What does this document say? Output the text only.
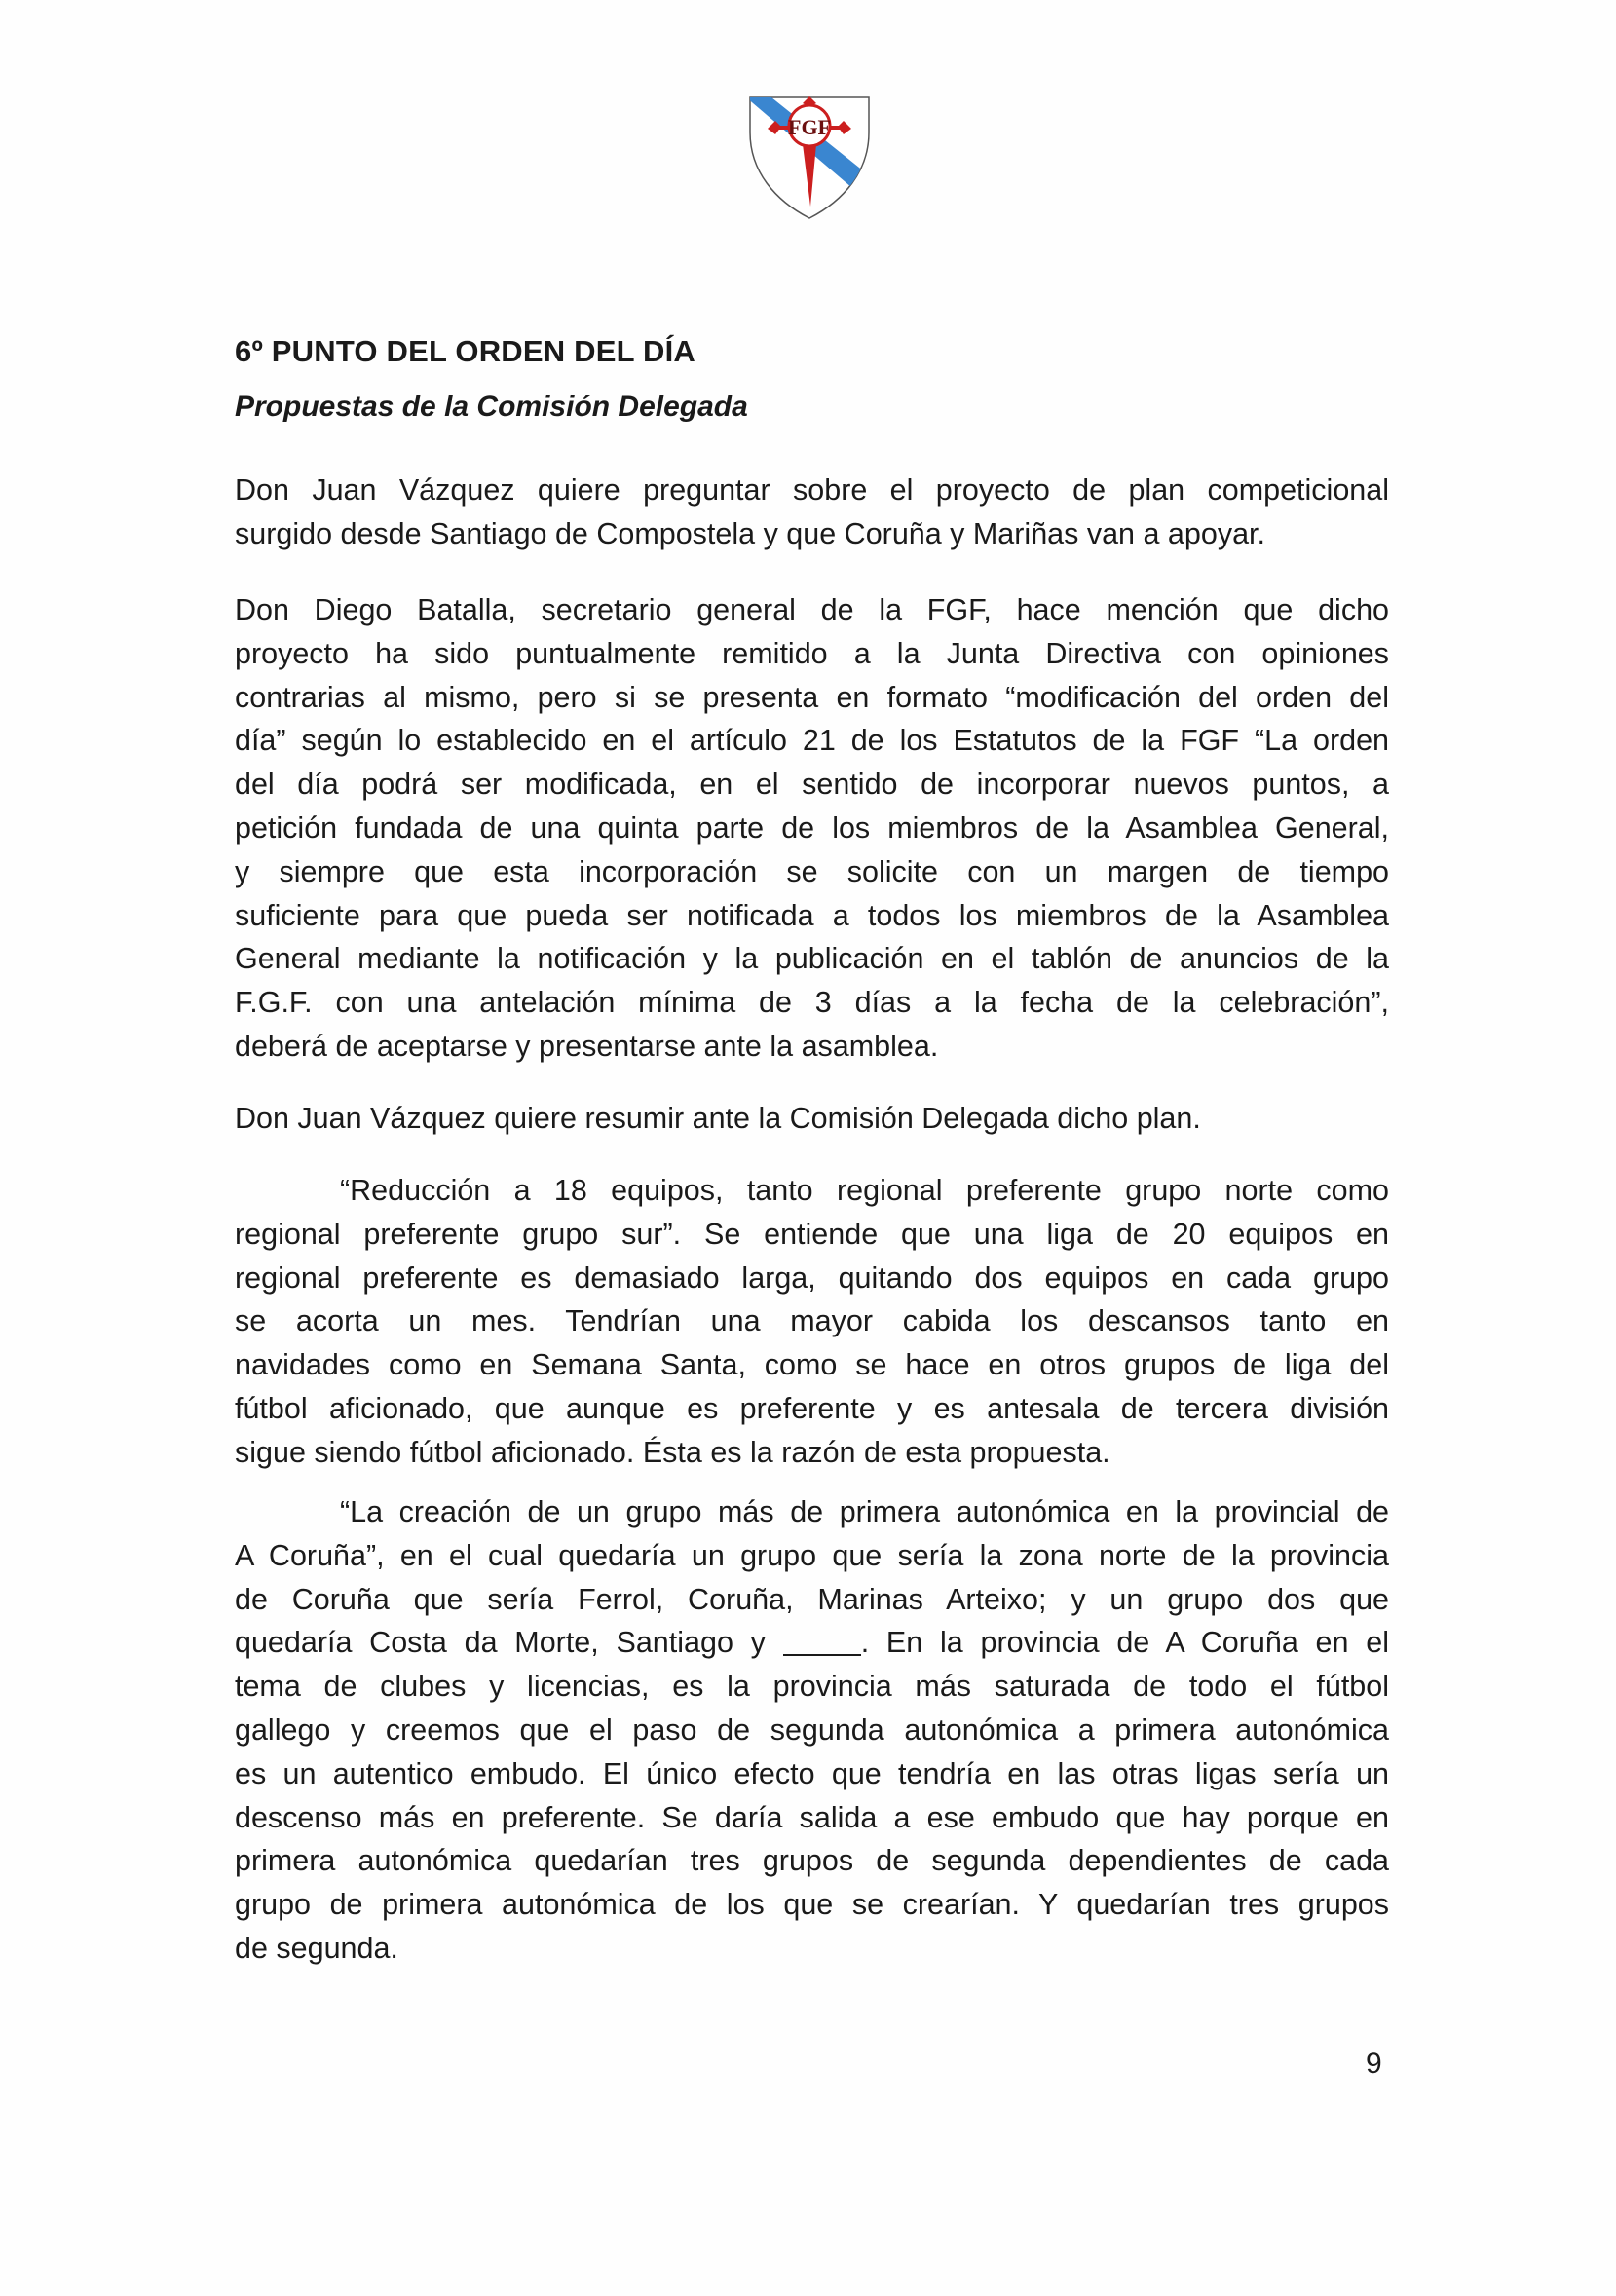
FGF
6º PUNTO DEL ORDEN DEL DÍA
Propuestas de la Comisión Delegada

Don Juan Vázquez quiere preguntar sobre el proyecto de plan competicional
surgido desde Santiago de Compostela y que Coruña y Mariñas van a apoyar.

Don Diego Batalla, secretario general de la FGF, hace mención que dicho
proyecto ha sido puntualmente remitido a la Junta Directiva con opiniones
contrarias al mismo, pero si se presenta en formato “modificación del orden del
día” según lo establecido en el artículo 21 de los Estatutos de la FGF “La orden
del día podrá ser modificada, en el sentido de incorporar nuevos puntos, a
petición fundada de una quinta parte de los miembros de la Asamblea General,
y siempre que esta incorporación se solicite con un margen de tiempo
suficiente para que pueda ser notificada a todos los miembros de la Asamblea
General mediante la notificación y la publicación en el tablón de anuncios de la
F.G.F. con una antelación mínima de 3 días a la fecha de la celebración”,
deberá de aceptarse y presentarse ante la asamblea.

Don Juan Vázquez quiere resumir ante la Comisión Delegada dicho plan.

“Reducción a 18 equipos, tanto regional preferente grupo norte como
regional preferente grupo sur”. Se entiende que una liga de 20 equipos en
regional preferente es demasiado larga, quitando dos equipos en cada grupo
se acorta un mes. Tendrían una mayor cabida los descansos tanto en
navidades como en Semana Santa, como se hace en otros grupos de liga del
fútbol aficionado, que aunque es preferente y es antesala de tercera división
sigue siendo fútbol aficionado. Ésta es la razón de esta propuesta.

“La creación de un grupo más de primera autonómica en la provincial de
A Coruña”, en el cual quedaría un grupo que sería la zona norte de la provincia
de Coruña que sería Ferrol, Coruña, Marinas Arteixo; y un grupo dos que
quedaría Costa da Morte, Santiago y	. En la provincia de A Coruña en el
tema de clubes y licencias, es la provincia más saturada de todo el fútbol
gallego y creemos que el paso de segunda autonómica a primera autonómica
es un autentico embudo. El único efecto que tendría en las otras ligas sería un
descenso más en preferente. Se daría salida a ese embudo que hay porque en
primera autonómica quedarían tres grupos de segunda dependientes de cada
grupo de primera autonómica de los que se crearían. Y quedarían tres grupos
de segunda.

9
